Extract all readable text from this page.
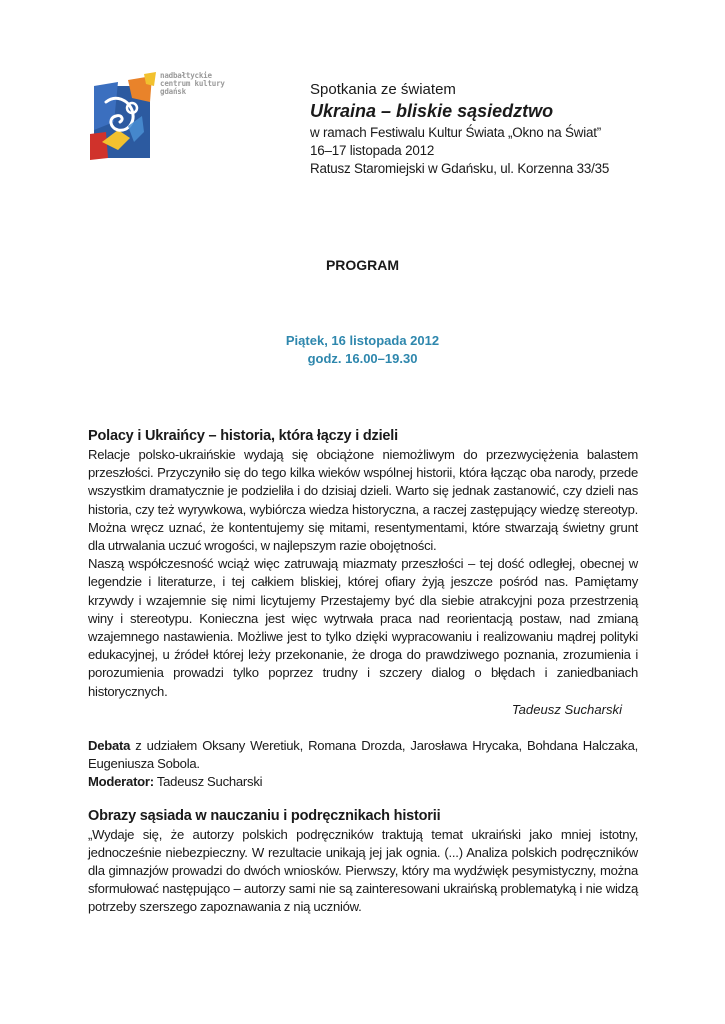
nadbałtyckie
centrum kultury
gdańsk	Spotkania ze światem
Ukraina – bliskie sąsiedztwo
w ramach Festiwalu Kultur Świata „Okno na Świat”
16–17 listopada 2012
Ratusz Staromiejski w Gdańsku, ul. Korzenna 33/35
PROGRAM
Piątek, 16 listopada 2012
godz. 16.00–19.30
Polacy i Ukraińcy – historia, która łączy i dzieli

Relacje polsko-ukraińskie wydają się obciążone niemożliwym do przezwyciężenia balastem przeszłości. Przyczyniło się do tego kilka wieków wspólnej historii, która łącząc oba narody, przede wszystkim dramatycznie je podzieliła i do dzisiaj dzieli. Warto się jednak zastanowić, czy dzieli nas historia, czy też wyrywkowa, wybiórcza wiedza historyczna, a raczej zastępujący wiedzę stereotyp. Można wręcz uznać, że kontentujemy się mitami, resentymentami, które stwarzają świetny grunt dla utrwalania uczuć wrogości, w najlepszym razie obojętności.

Naszą współczesność wciąż więc zatruwają miazmaty przeszłości – tej dość odległej, obecnej w legendzie i literaturze, i tej całkiem bliskiej, której ofiary żyją jeszcze pośród nas. Pamiętamy krzywdy i wzajemnie się nimi licytujemy Przestajemy być dla siebie atrakcyjni poza przestrzenią winy i stereotypu. Konieczna jest więc wytrwała praca nad reorientacją postaw, nad zmianą wzajemnego nastawienia. Możliwe jest to tylko dzięki wypracowaniu i realizowaniu mądrej polityki edukacyjnej, u źródeł której leży przekonanie, że droga do prawdziwego poznania, zrozumienia i porozumienia prowadzi tylko poprzez trudny i szczery dialog o błędach i zaniedbaniach historycznych.

Tadeusz Sucharski

Debata z udziałem Oksany Weretiuk, Romana Drozda, Jarosława Hrycaka, Bohdana Halczaka, Eugeniusza Sobola.

Moderator: Tadeusz Sucharski

Obrazy sąsiada w nauczaniu i podręcznikach historii

„Wydaje się, że autorzy polskich podręczników traktują temat ukraiński jako mniej istotny, jednocześnie niebezpieczny. W rezultacie unikają jej jak ognia. (...) Analiza polskich podręczników dla gimnazjów prowadzi do dwóch wniosków. Pierwszy, który ma wydźwięk pesymistyczny, można sformułować następująco – autorzy sami nie są zainteresowani ukraińską problematyką i nie widzą potrzeby szerszego zapoznawania z nią uczniów.
